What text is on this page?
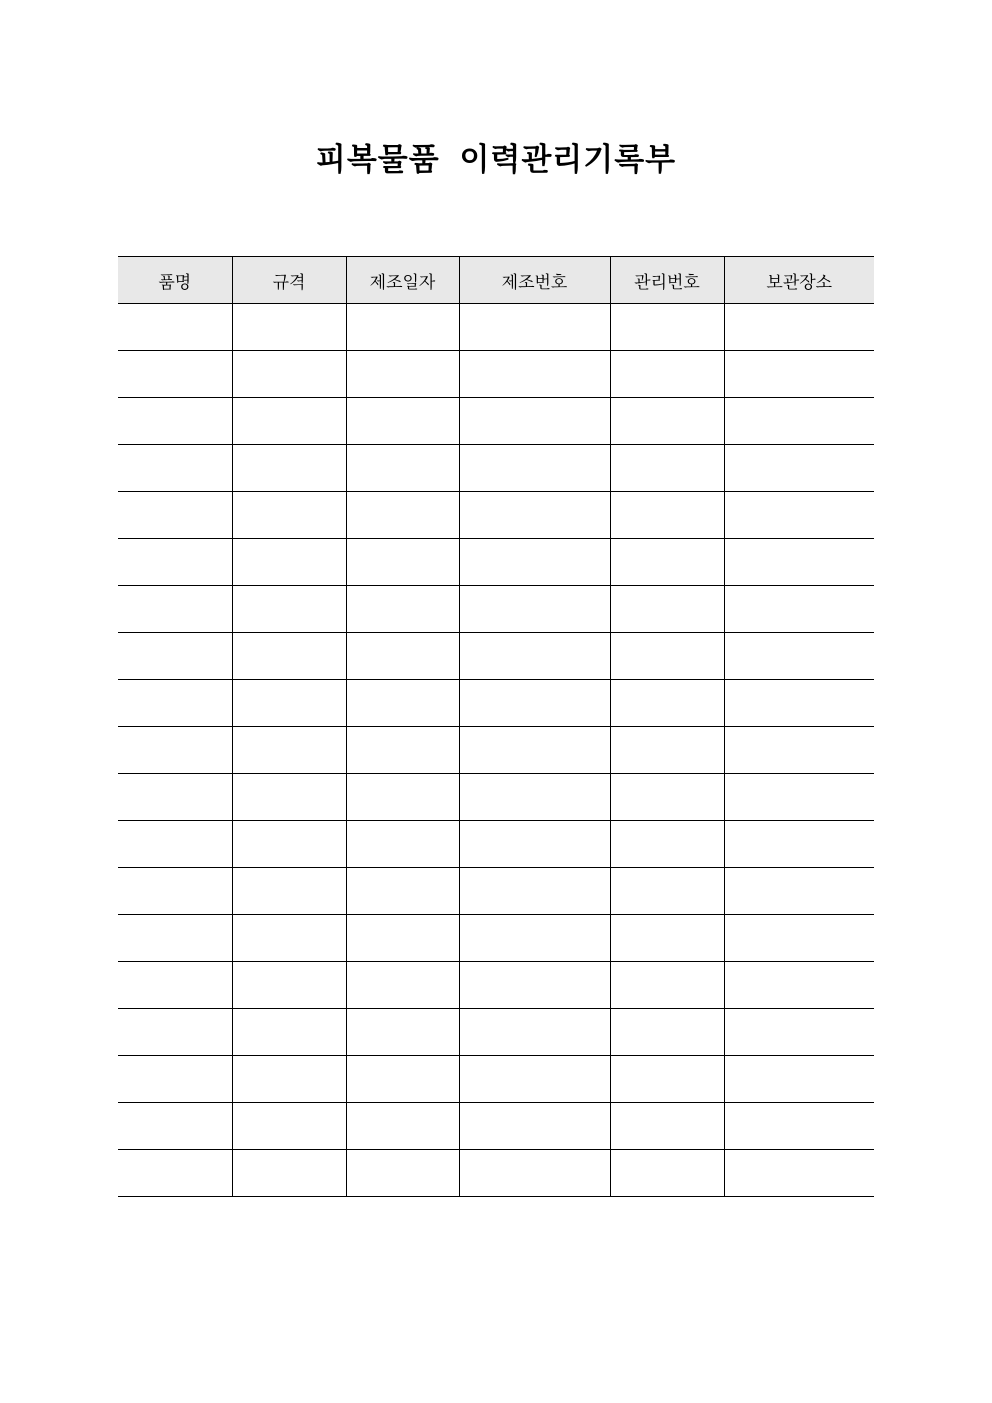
피복물품 이력관리기록부
품명	규격	제조일자	제조번호	관리번호	보관장소
